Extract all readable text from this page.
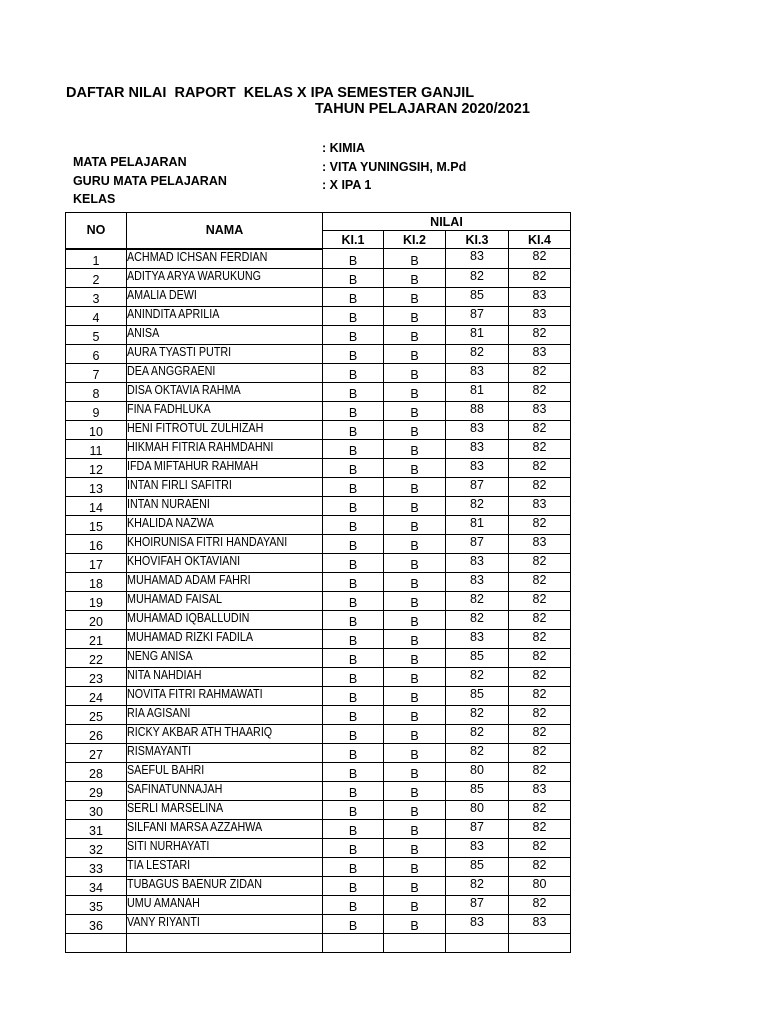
DAFTAR NILAI  RAPORT  KELAS X IPA SEMESTER GANJIL
TAHUN PELAJARAN 2020/2021

MATA PELAJARAN

: KIMIA

GURU MATA PELAJARAN

: VITA YUNINGSIH, M.Pd

KELAS

: X IPA 1

NO	NAMA	NILAI			
		KI.1	KI.2	KI.3	KI.4
1	ACHMAD ICHSAN FERDIAN	B	B	83	82
2	ADITYA ARYA WARUKUNG	B	B	82	82
3	AMALIA DEWI	B	B	85	83
4	ANINDITA APRILIA	B	B	87	83
5	ANISA	B	B	81	82
6	AURA TYASTI PUTRI	B	B	82	83
7	DEA ANGGRAENI	B	B	83	82
8	DISA OKTAVIA RAHMA	B	B	81	82
9	FINA FADHLUKA	B	B	88	83
10	HENI FITROTUL ZULHIZAH	B	B	83	82
11	HIKMAH FITRIA RAHMDAHNI	B	B	83	82
12	IFDA MIFTAHUR RAHMAH	B	B	83	82
13	INTAN FIRLI SAFITRI	B	B	87	82
14	INTAN NURAENI	B	B	82	83
15	KHALIDA NAZWA	B	B	81	82
16	KHOIRUNISA FITRI HANDAYANI	B	B	87	83
17	KHOVIFAH OKTAVIANI	B	B	83	82
18	MUHAMAD ADAM FAHRI	B	B	83	82
19	MUHAMAD FAISAL	B	B	82	82
20	MUHAMAD IQBALLUDIN	B	B	82	82
21	MUHAMAD RIZKI FADILA	B	B	83	82
22	NENG ANISA	B	B	85	82
23	NITA NAHDIAH	B	B	82	82
24	NOVITA FITRI RAHMAWATI	B	B	85	82
25	RIA AGISANI	B	B	82	82
26	RICKY AKBAR ATH THAARIQ	B	B	82	82
27	RISMAYANTI	B	B	82	82
28	SAEFUL BAHRI	B	B	80	82
29	SAFINATUNNAJAH	B	B	85	83
30	SERLI MARSELINA	B	B	80	82
31	SILFANI MARSA AZZAHWA	B	B	87	82
32	SITI NURHAYATI	B	B	83	82
33	TIA LESTARI	B	B	85	82
34	TUBAGUS BAENUR ZIDAN	B	B	82	80
35	UMU AMANAH	B	B	87	82
36	VANY RIYANTI	B	B	83	83
